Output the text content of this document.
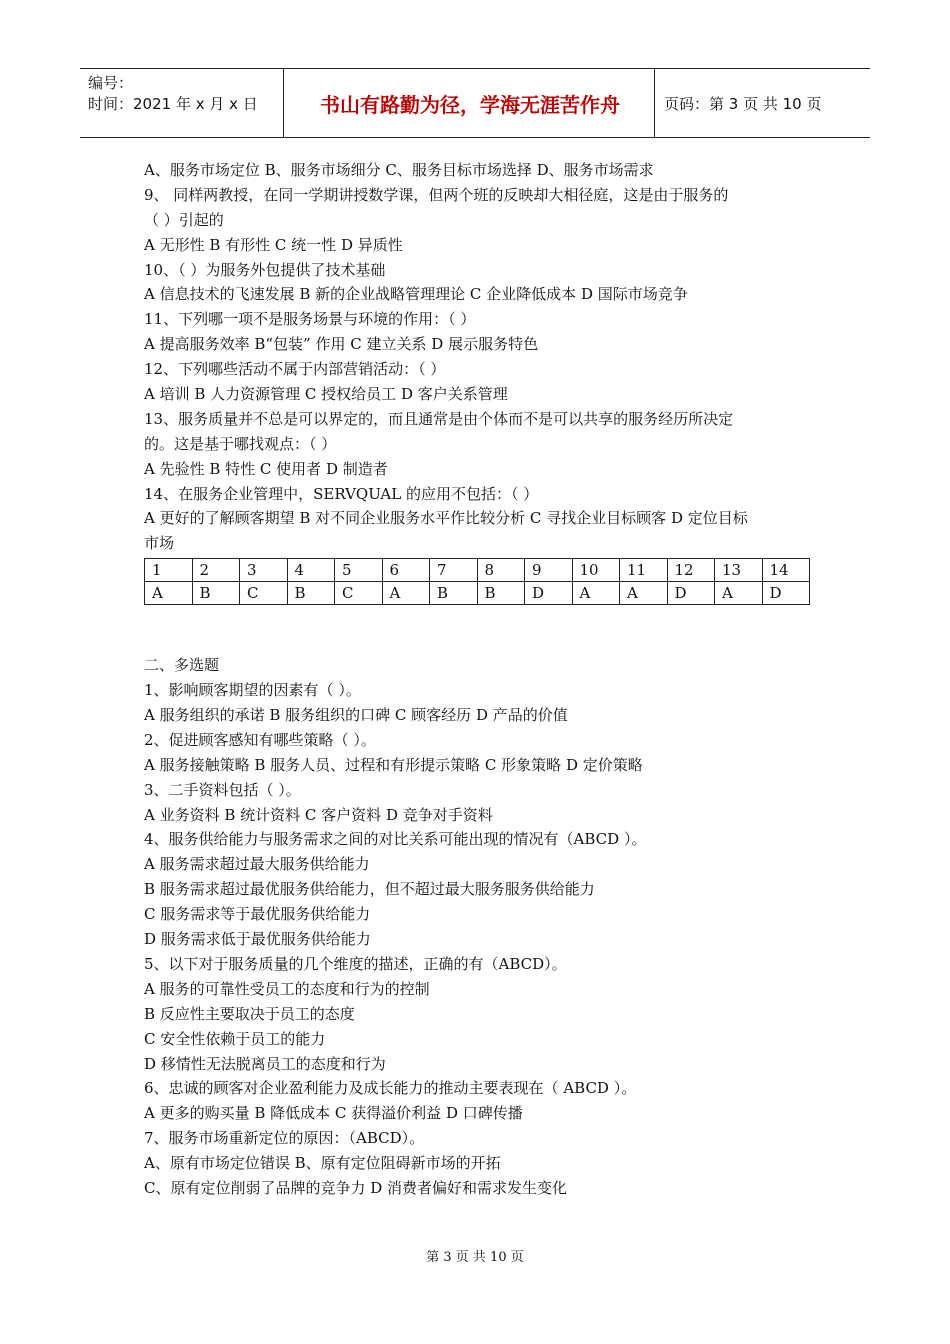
编号：
时间：2021 年 x 月 x 日	书山有路勤为径，学海无涯苦作舟	页码：第 3 页 共 10 页
A、服务市场定位 B、服务市场细分 C、服务目标市场选择 D、服务市场需求
9、 同样两教授，在同一学期讲授数学课，但两个班的反映却大相径庭，这是由于服务的
（ ）引起的
A 无形性 B 有形性 C 统一性 D 异质性
10、（ ）为服务外包提供了技术基础
A 信息技术的飞速发展 B 新的企业战略管理理论 C 企业降低成本 D 国际市场竞争
11、下列哪一项不是服务场景与环境的作用：（ ）
A 提高服务效率 B“包装” 作用 C 建立关系 D 展示服务特色
12、下列哪些活动不属于内部营销活动：（ ）
A 培训 B 人力资源管理 C 授权给员工 D 客户关系管理
13、服务质量并不总是可以界定的，而且通常是由个体而不是可以共享的服务经历所决定
的。这是基于哪找观点：（ ）
A 先验性 B 特性 C 使用者 D 制造者
14、在服务企业管理中，SERVQUAL 的应用不包括：（ ）
A 更好的了解顾客期望 B 对不同企业服务水平作比较分析 C 寻找企业目标顾客 D 定位目标
市场
1	2	3	4	5	6	7	8	9	10	11	12	13	14
A	B	C	B	C	A	B	B	D	A	A	D	A	D
二、多选题
1、影响顾客期望的因素有（ ）。
A 服务组织的承诺 B 服务组织的口碑 C 顾客经历 D 产品的价值
2、促进顾客感知有哪些策略（ ）。
A 服务接触策略 B 服务人员、过程和有形提示策略 C 形象策略 D 定价策略
3、二手资料包括（ ）。
A 业务资料 B 统计资料 C 客户资料 D 竞争对手资料
4、服务供给能力与服务需求之间的对比关系可能出现的情况有（ABCD ）。
A 服务需求超过最大服务供给能力
B 服务需求超过最优服务供给能力，但不超过最大服务服务供给能力
C 服务需求等于最优服务供给能力
D 服务需求低于最优服务供给能力
5、以下对于服务质量的几个维度的描述，正确的有（ABCD）。
A 服务的可靠性受员工的态度和行为的控制
B 反应性主要取决于员工的态度
C 安全性依赖于员工的能力
D 移情性无法脱离员工的态度和行为
6、忠诚的顾客对企业盈利能力及成长能力的推动主要表现在（ ABCD ）。
A 更多的购买量 B 降低成本 C 获得溢价利益 D 口碑传播
7、服务市场重新定位的原因：（ABCD）。
A、原有市场定位错误 B、原有定位阻碍新市场的开拓
C、原有定位削弱了品牌的竞争力 D 消费者偏好和需求发生变化
第 3 页 共 10 页
